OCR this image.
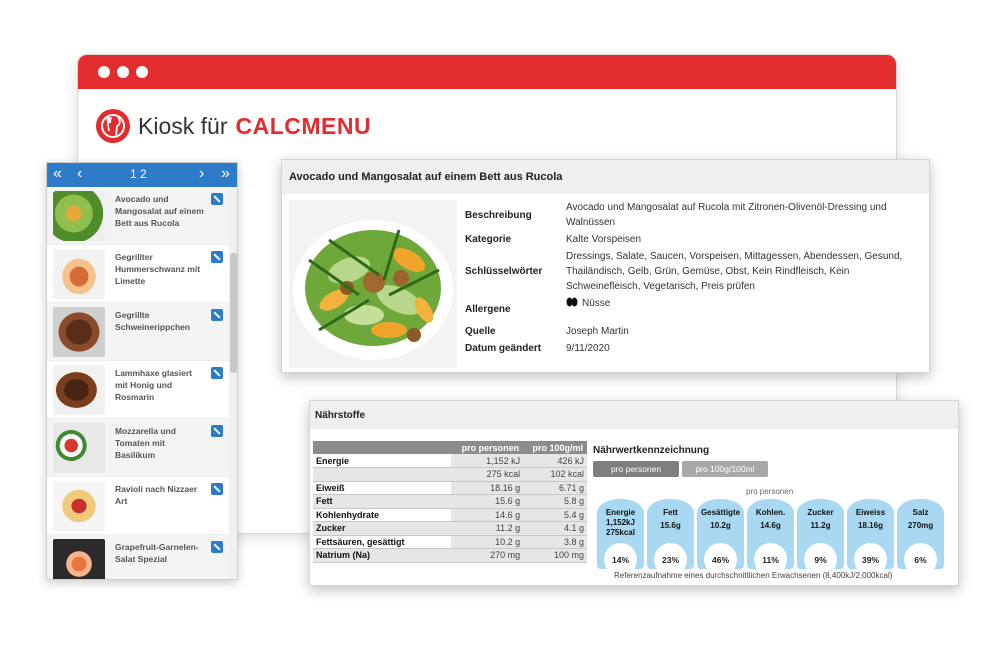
Kiosk für CALCMENU
« ‹	1 2	› »
Avocado und Mangosalat auf einem Bett aus Rucola
Gegrillter Hummerschwanz mit Limette
Gegrillte Schweinerippchen
Lammhaxe glasiert mit Honig und Rosmarin
Mozzarella und Tomaten mit Basilikum
Ravioli nach Nizzaer Art
Grapefruit-Garnelen-Salat Spezial
Avocado und Mangosalat auf einem Bett aus Rucola
Beschreibung
Avocado und Mangosalat auf Rucola mit Zitronen-Olivenöl-Dressing und Walnüssen
Kategorie	Kalte Vorspeisen
Schlüsselwörter
Dressings, Salate, Saucen, Vorspeisen, Mittagessen, Abendessen, Gesund, Thailändisch, Gelb, Grün, Gemüse, Obst, Kein Rindfleisch, Kein Schweinefleisch, Vegetarisch, Preis prüfen
Allergene	Nüsse
Quelle	Joseph Martin
Datum geändert	9/11/2020
Nährstoffe
	pro personen	pro 100g/ml
Energie	1,152 kJ	426 kJ
	275 kcal	102 kcal
Eiweiß	18.16 g	6.71 g
Fett	15.6 g	5.8 g
Kohlenhydrate	14.6 g	5.4 g
Zucker	11.2 g	4.1 g
Fettsäuren, gesättigt	10.2 g	3.8 g
Natrium (Na)	270 mg	100 mg
Nährwertkennzeichnung
pro personen	pro 100g/100ml
pro personen
Energie
1,152kJ
275kcal
14%
Fett
15.6g
23%
Gesättigte
10.2g
46%
Kohlen.
14.6g
11%
Zucker
11.2g
9%
Eiweiss
18.16g
39%
Salz
270mg
6%
Referenzaufnahme eines durchschnittlichen Erwachsenen (8,400kJ/2,000kcal)
